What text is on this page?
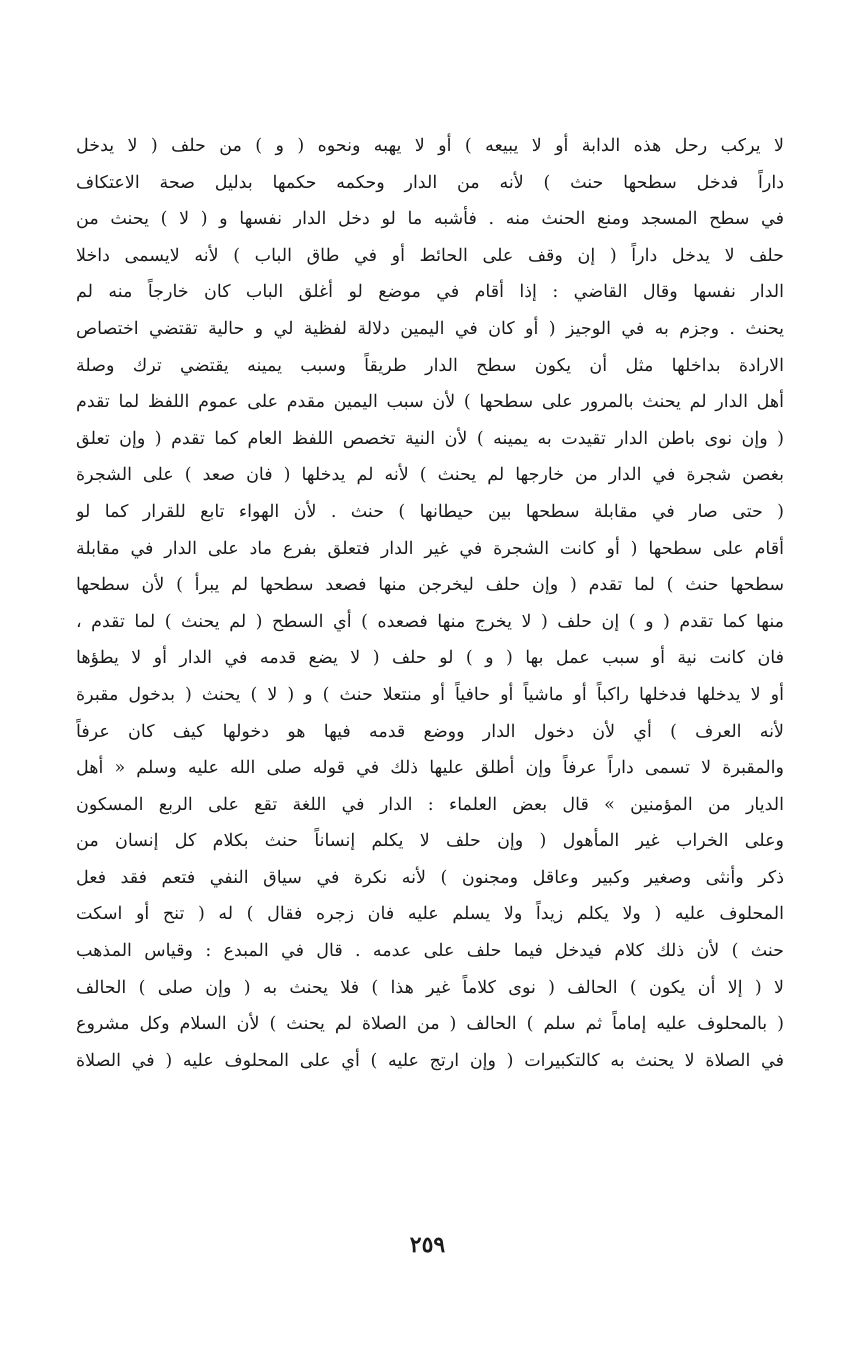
لا يركب رحل هذه الدابة أو لا يبيعه ) أو لا يهبه ونحوه ( و ) من حلف ( لا يدخل
داراً فدخل سطحها حنث ) لأنه من الدار وحكمه حكمها بدليل صحة الاعتكاف
في سطح المسجد ومنع الحنث منه . فأشبه ما لو دخل الدار نفسها و ( لا ) يحنث من
حلف لا يدخل داراً ( إن وقف على الحائط أو في طاق الباب ) لأنه لايسمى داخلا
الدار نفسها وقال القاضي : إذا أقام في موضع لو أغلق الباب كان خارجاً منه لم
يحنث . وجزم به في الوجيز ( أو كان في اليمين دلالة لفظية لي و حالية تقتضي اختصاص
الارادة بداخلها مثل أن يكون سطح الدار طريقاً وسبب يمينه يقتضي ترك وصلة
أهل الدار لم يحنث بالمرور على سطحها ) لأن سبب اليمين مقدم على عموم اللفظ لما تقدم
( وإن نوى باطن الدار تقيدت به يمينه ) لأن النية تخصص اللفظ العام كما تقدم ( وإن تعلق
بغصن شجرة في الدار من خارجها لم يحنث ) لأنه لم يدخلها ( فان صعد ) على الشجرة
( حتى صار في مقابلة سطحها بين حيطانها ) حنث . لأن الهواء تابع للقرار كما لو
أقام على سطحها ( أو كانت الشجرة في غير الدار فتعلق بفرع ماد على الدار في مقابلة
سطحها حنث ) لما تقدم ( وإن حلف ليخرجن منها فصعد سطحها لم يبرأ ) لأن سطحها
منها كما تقدم ( و ) إن حلف ( لا يخرج منها فصعده ) أي السطح ( لم يحنث ) لما تقدم ،
فان كانت نية أو سبب عمل بها ( و ) لو حلف ( لا يضع قدمه في الدار أو لا يطؤها
أو لا يدخلها فدخلها راكباً أو ماشياً أو حافياً أو منتعلا حنث ) و ( لا ) يحنث ( بدخول مقبرة
لأنه العرف ) أي لأن دخول الدار ووضع قدمه فيها هو دخولها كيف كان عرفاً
والمقبرة لا تسمى داراً عرفاً وإن أطلق عليها ذلك في قوله صلى الله عليه وسلم « أهل
الديار من المؤمنين » قال بعض العلماء : الدار في اللغة تقع على الربع المسكون
وعلى الخراب غير المأهول ( وإن حلف لا يكلم إنساناً حنث بكلام كل إنسان من
ذكر وأنثى وصغير وكبير وعاقل ومجنون ) لأنه نكرة في سياق النفي فتعم فقد فعل
المحلوف عليه ( ولا يكلم زيداً ولا يسلم عليه فان زجره فقال ) له ( تنح أو اسكت
حنث ) لأن ذلك كلام فيدخل فيما حلف على عدمه . قال في المبدع : وقياس المذهب
لا ( إلا أن يكون ) الحالف ( نوى كلاماً غير هذا ) فلا يحنث به ( وإن صلى ) الحالف
( بالمحلوف عليه إماماً ثم سلم ) الحالف ( من الصلاة لم يحنث ) لأن السلام وكل مشروع
في الصلاة لا يحنث به كالتكبيرات ( وإن ارتج عليه ) أي على المحلوف عليه ( في الصلاة
٢٥٩
